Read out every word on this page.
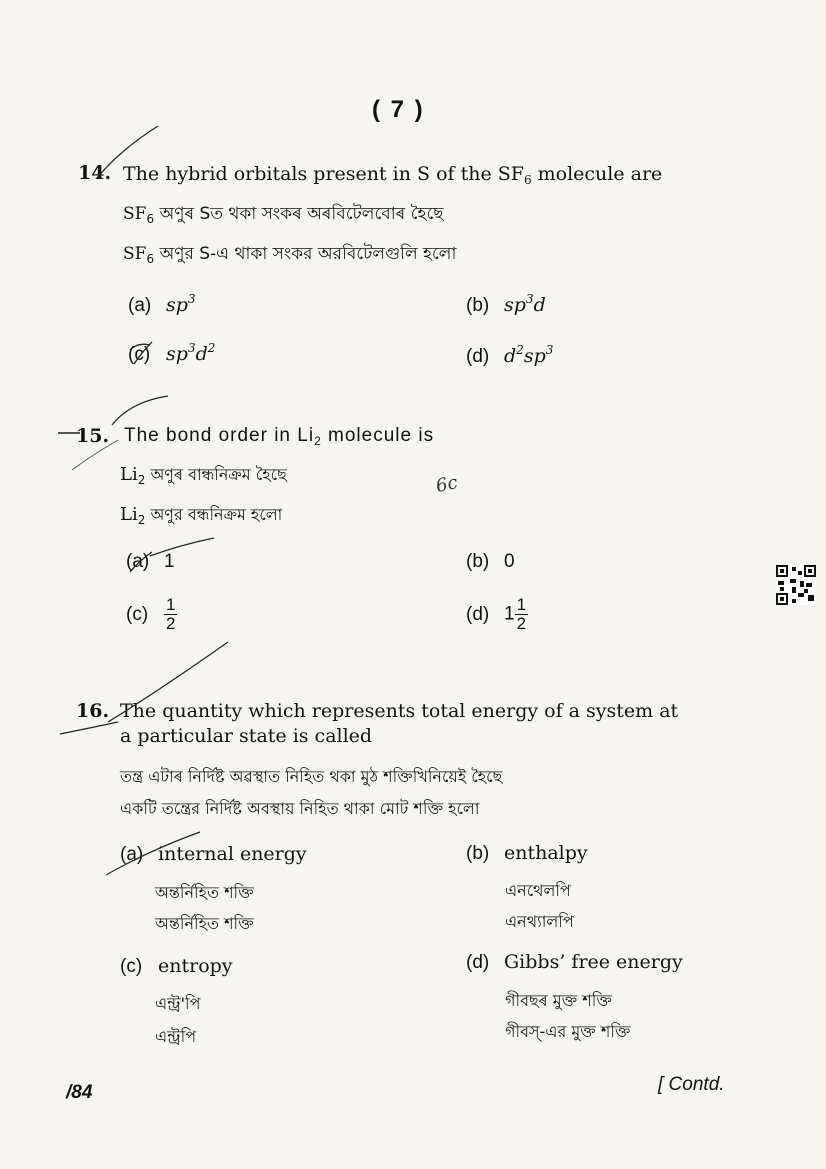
( 7 )
14. The hybrid orbitals present in S of the $SF_6$ molecule are
$SF_6$ অণুৰ Sত থকা সংকৰ অৰবিটেলবোৰ হৈছে
$SF_6$ অণুর S-এ থাকা সংকর অরবিটেলগুলি হলো
(a) $sp^3$	(b) $sp^3d$
(c) $sp^3d^2$	(d) $d^2sp^3$
15. The bond order in $Li_2$ molecule is
$Li_2$ অণুৰ বান্ধনিক্ৰম হৈছে
$Li_2$ অণুর বন্ধনিক্রম হলো
6c
(a) 1	(b) 0
$(c) \frac{1}{2}$	(d) $1 \frac{1}{2}$
16. The quantity which represents total energy of a system at
a particular state is called
তন্ত্ৰ এটাৰ নিৰ্দিষ্ট অৱস্থাত নিহিত থকা মুঠ শক্তিখিনিয়েই হৈছে
একটি তন্ত্রের নির্দিষ্ট অবস্থায় নিহিত থাকা মোট শক্তি হলো
(a) internal energy
অন্তৰ্নিহিত শক্তি
অন্তর্নিহিত শক্তি
(b) enthalpy
এনথেলপি
এনথ্যালপি
(c) entropy
এন্ট্ৰ'পি
এন্ট্রপি
(d) Gibbs’ free energy
গীবছৰ মুক্ত শক্তি
গীবস্-এর মুক্ত শক্তি
/84	[ Contd.
